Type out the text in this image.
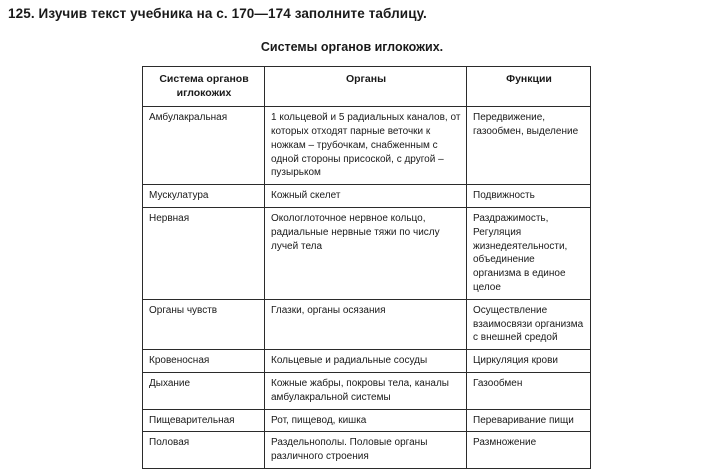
125. Изучив текст учебника на с. 170—174 заполните таблицу.
Системы органов иглокожих.
Система органов иглокожих	Органы	Функции
Амбулакральная	1 кольцевой и 5 радиальных каналов, от которых отходят парные веточки к ножкам – трубочкам, снабженным с одной стороны присоской, с другой – пузырьком	Передвижение, газообмен, выделение
Мускулатура	Кожный скелет	Подвижность
Нервная	Окологлоточное нервное кольцо, радиальные нервные тяжи по числу лучей тела	Раздражимость, Регуляция жизнедеятельности, объединение организма в единое целое
Органы чувств	Глазки, органы осязания	Осуществление взаимосвязи организма с внешней средой
Кровеносная	Кольцевые и радиальные сосуды	Циркуляция крови
Дыхание	Кожные жабры, покровы тела, каналы амбулакральной системы	Газообмен
Пищеварительная	Рот, пищевод, кишка	Переваривание пищи
Половая	Раздельнополы. Половые органы различного строения	Размножение
